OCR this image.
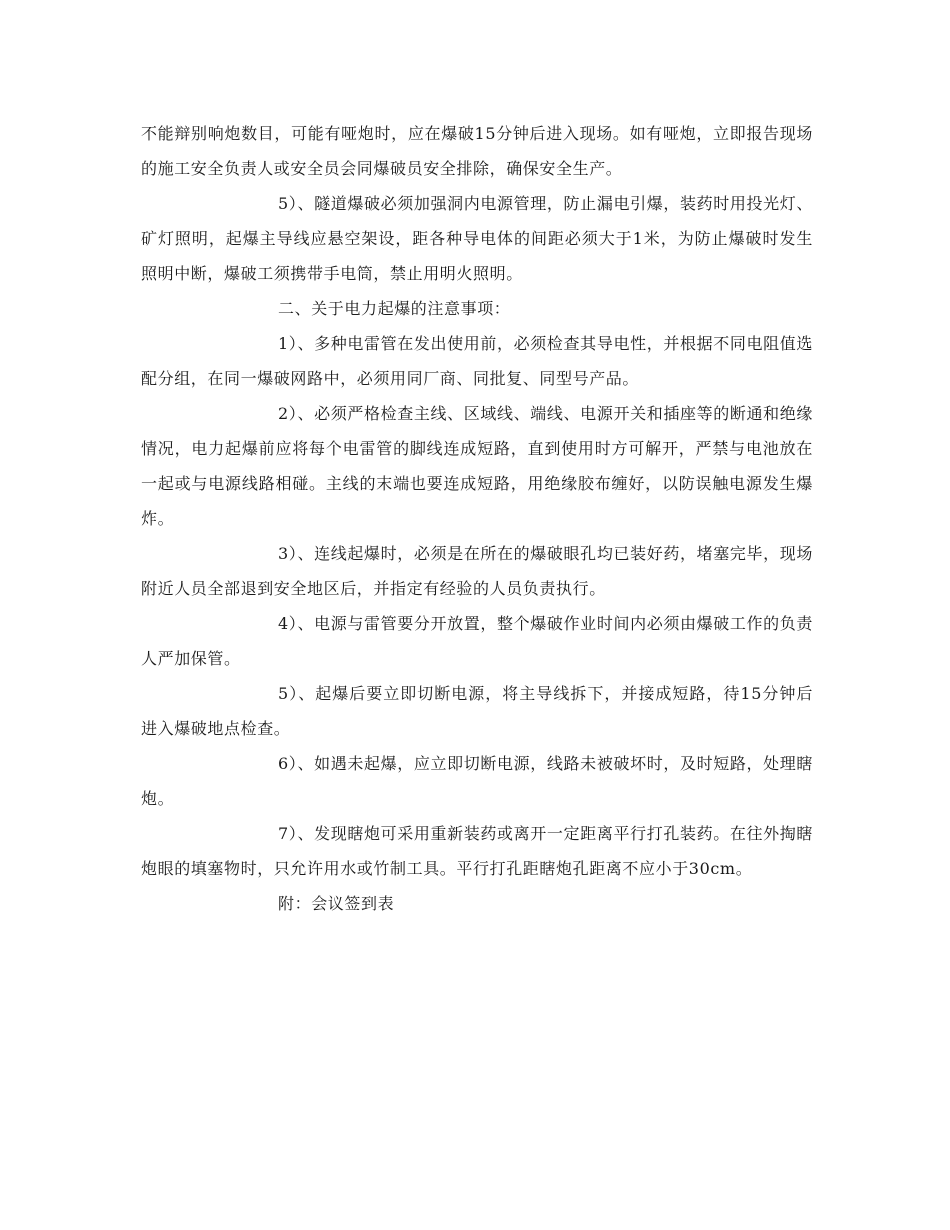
不能辩别响炮数目，可能有哑炮时，应在爆破15分钟后进入现场。如有哑炮，立即报告现场的施工安全负责人或安全员会同爆破员安全排除，确保安全生产。

5）、隧道爆破必须加强洞内电源管理，防止漏电引爆，装药时用投光灯、矿灯照明，起爆主导线应悬空架设，距各种导电体的间距必须大于1米，为防止爆破时发生照明中断，爆破工须携带手电筒，禁止用明火照明。

二、关于电力起爆的注意事项：

1）、多种电雷管在发出使用前，必须检查其导电性，并根据不同电阻值选配分组，在同一爆破网路中，必须用同厂商、同批复、同型号产品。

2）、必须严格检查主线、区域线、端线、电源开关和插座等的断通和绝缘情况，电力起爆前应将每个电雷管的脚线连成短路，直到使用时方可解开，严禁与电池放在一起或与电源线路相碰。主线的末端也要连成短路，用绝缘胶布缠好，以防误触电源发生爆炸。

3）、连线起爆时，必须是在所在的爆破眼孔均已装好药，堵塞完毕，现场附近人员全部退到安全地区后，并指定有经验的人员负责执行。

4）、电源与雷管要分开放置，整个爆破作业时间内必须由爆破工作的负责人严加保管。

5）、起爆后要立即切断电源，将主导线拆下，并接成短路，待15分钟后进入爆破地点检查。

6）、如遇未起爆，应立即切断电源，线路未被破坏时，及时短路，处理瞎炮。

7）、发现瞎炮可采用重新装药或离开一定距离平行打孔装药。在往外掏瞎炮眼的填塞物时，只允许用水或竹制工具。平行打孔距瞎炮孔距离不应小于30cm。

附：会议签到表
